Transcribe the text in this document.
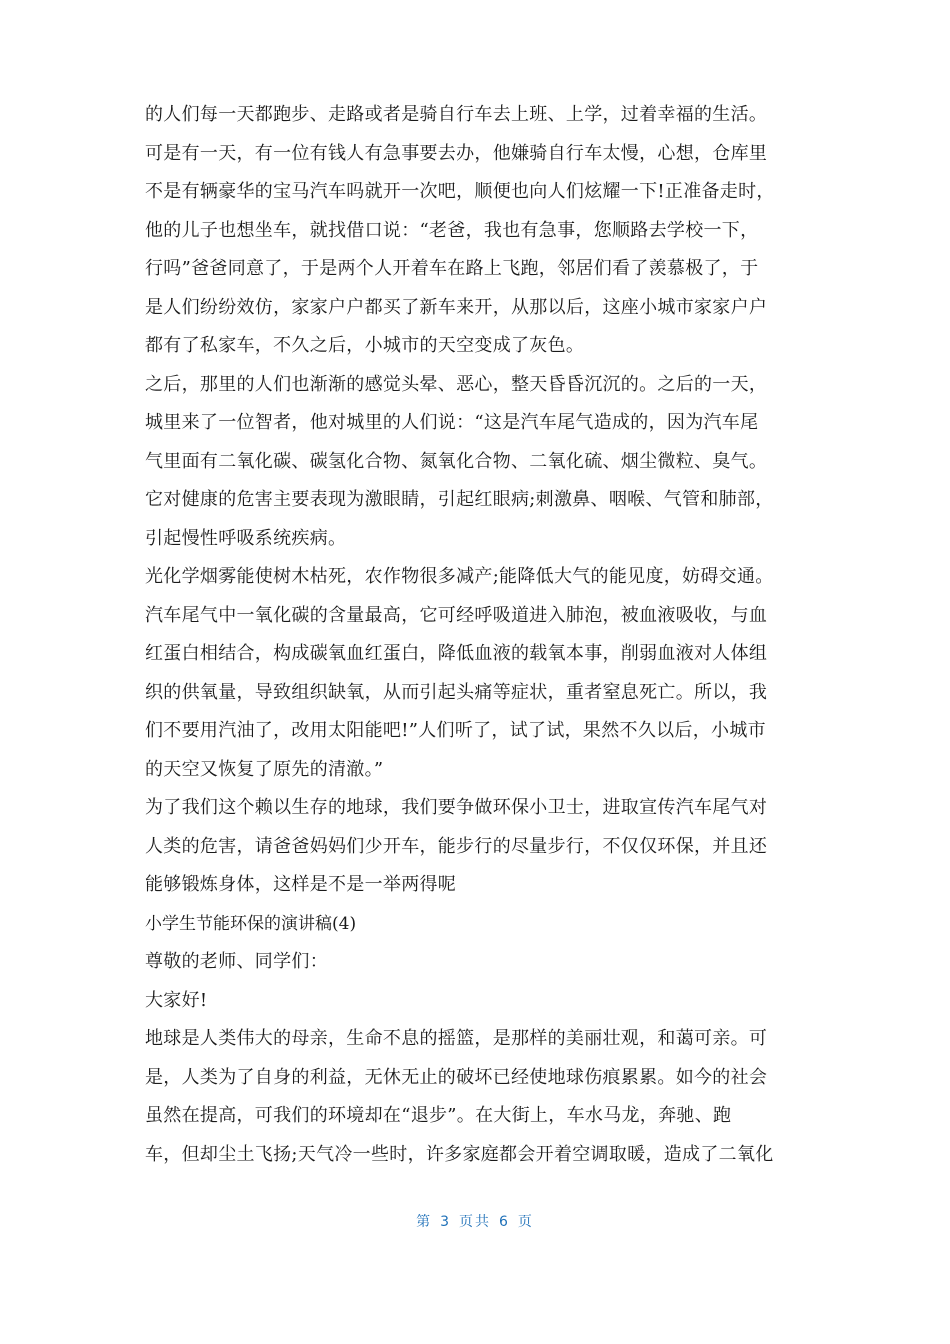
的人们每一天都跑步、走路或者是骑自行车去上班、上学，过着幸福的生活。
可是有一天，有一位有钱人有急事要去办，他嫌骑自行车太慢，心想，仓库里
不是有辆豪华的宝马汽车吗就开一次吧，顺便也向人们炫耀一下!正准备走时，
他的儿子也想坐车，就找借口说：“老爸，我也有急事，您顺路去学校一下，
行吗”爸爸同意了，于是两个人开着车在路上飞跑，邻居们看了羡慕极了，于
是人们纷纷效仿，家家户户都买了新车来开，从那以后，这座小城市家家户户
都有了私家车，不久之后，小城市的天空变成了灰色。
之后，那里的人们也渐渐的感觉头晕、恶心，整天昏昏沉沉的。之后的一天，
城里来了一位智者，他对城里的人们说：“这是汽车尾气造成的，因为汽车尾
气里面有二氧化碳、碳氢化合物、氮氧化合物、二氧化硫、烟尘微粒、臭气。
它对健康的危害主要表现为激眼睛，引起红眼病;刺激鼻、咽喉、气管和肺部，
引起慢性呼吸系统疾病。
光化学烟雾能使树木枯死，农作物很多减产;能降低大气的能见度，妨碍交通。
汽车尾气中一氧化碳的含量最高，它可经呼吸道进入肺泡，被血液吸收，与血
红蛋白相结合，构成碳氧血红蛋白，降低血液的载氧本事，削弱血液对人体组
织的供氧量，导致组织缺氧，从而引起头痛等症状，重者窒息死亡。所以，我
们不要用汽油了，改用太阳能吧!”人们听了，试了试，果然不久以后，小城市
的天空又恢复了原先的清澈。”
为了我们这个赖以生存的地球，我们要争做环保小卫士，进取宣传汽车尾气对
人类的危害，请爸爸妈妈们少开车，能步行的尽量步行，不仅仅环保，并且还
能够锻炼身体，这样是不是一举两得呢
小学生节能环保的演讲稿(4)
尊敬的老师、同学们：
大家好!
地球是人类伟大的母亲，生命不息的摇篮，是那样的美丽壮观，和蔼可亲。可
是，人类为了自身的利益，无休无止的破坏已经使地球伤痕累累。如今的社会
虽然在提高，可我们的环境却在“退步”。在大街上，车水马龙，奔驰、跑
车，但却尘土飞扬;天气冷一些时，许多家庭都会开着空调取暖，造成了二氧化
第 3 页共 6 页
